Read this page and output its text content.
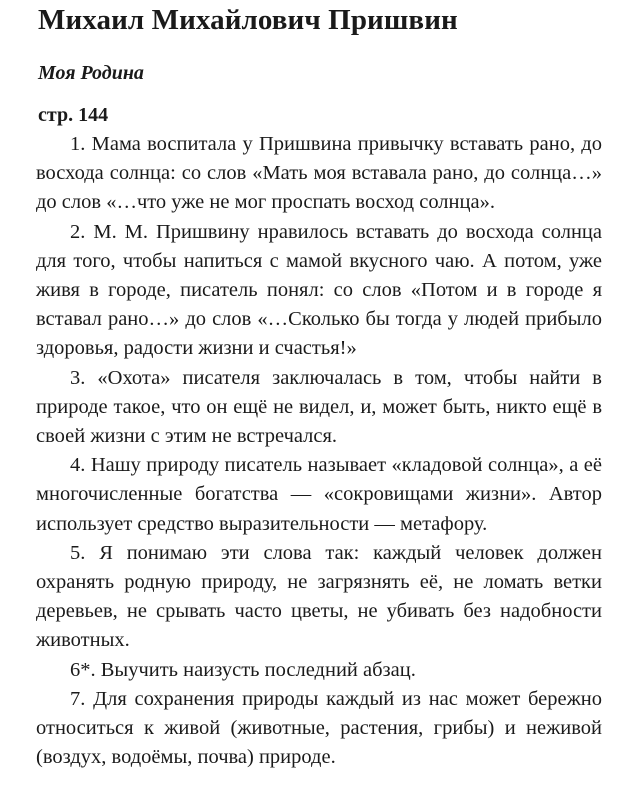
Михаил Михайлович Пришвин
Моя Родина
стр. 144
1. Мама воспитала у Пришвина привычку вставать рано, до восхода солнца: со слов «Мать моя вставала рано, до солнца…» до слов «…что уже не мог проспать восход солнца».
2. М. М. Пришвину нравилось вставать до восхода солнца для того, чтобы напиться с мамой вкусного чаю. А потом, уже живя в городе, писатель понял: со слов «Потом и в городе я вставал рано…» до слов «…Сколько бы тогда у людей прибыло здоровья, радости жизни и счастья!»
3. «Охота» писателя заключалась в том, чтобы найти в природе такое, что он ещё не видел, и, может быть, никто ещё в своей жизни с этим не встречался.
4. Нашу природу писатель называет «кладовой солнца», а её многочисленные богатства — «сокровищами жизни». Автор использует средство выразительности — метафору.
5. Я понимаю эти слова так: каждый человек должен охранять родную природу, не загрязнять её, не ломать ветки деревьев, не срывать часто цветы, не убивать без надобности животных.
6*. Выучить наизусть последний абзац.
7. Для сохранения природы каждый из нас может бережно относиться к живой (животные, растения, грибы) и неживой (воздух, водоёмы, почва) природе.
